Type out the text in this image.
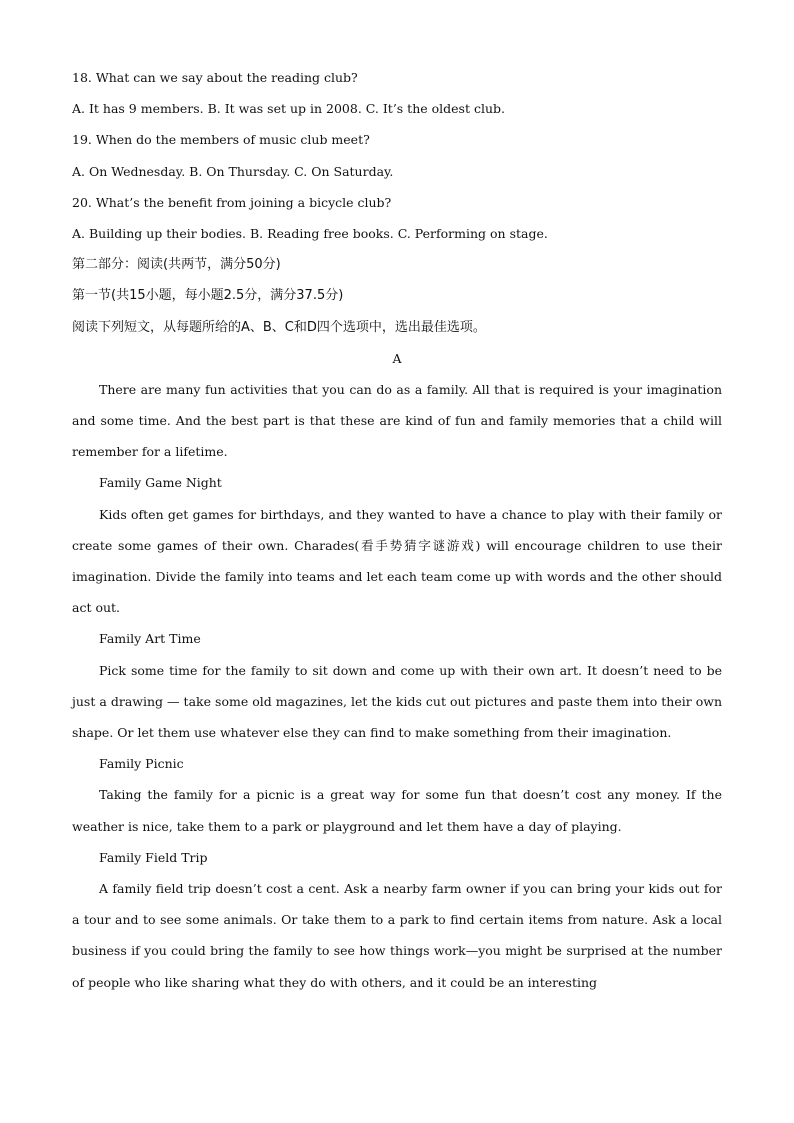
18. What can we say about the reading club?
A. It has 9 members. B. It was set up in 2008. C. It’s the oldest club.
19. When do the members of music club meet?
A. On Wednesday. B. On Thursday. C. On Saturday.
20. What’s the benefit from joining a bicycle club?
A. Building up their bodies. B. Reading free books. C. Performing on stage.
第二部分：阅读(共两节，满分50分)
第一节(共15小题，每小题2.5分，满分37.5分)
阅读下列短文，从每题所给的A、B、C和D四个选项中，选出最佳选项。
A
There are many fun activities that you can do as a family. All that is required is your imagination and some time. And the best part is that these are kind of fun and family memories that a child will remember for a lifetime.
Family Game Night
Kids often get games for birthdays, and they wanted to have a chance to play with their family or create some games of their own. Charades(看手势猜字谜游戏) will encourage children to use their imagination. Divide the family into teams and let each team come up with words and the other should act out.
Family Art Time
Pick some time for the family to sit down and come up with their own art. It doesn’t need to be just a drawing — take some old magazines, let the kids cut out pictures and paste them into their own shape. Or let them use whatever else they can find to make something from their imagination.
Family Picnic
Taking the family for a picnic is a great way for some fun that doesn’t cost any money. If the weather is nice, take them to a park or playground and let them have a day of playing.
Family Field Trip
A family field trip doesn’t cost a cent. Ask a nearby farm owner if you can bring your kids out for a tour and to see some animals. Or take them to a park to find certain items from nature. Ask a local business if you could bring the family to see how things work—you might be surprised at the number of people who like sharing what they do with others, and it could be an interesting
